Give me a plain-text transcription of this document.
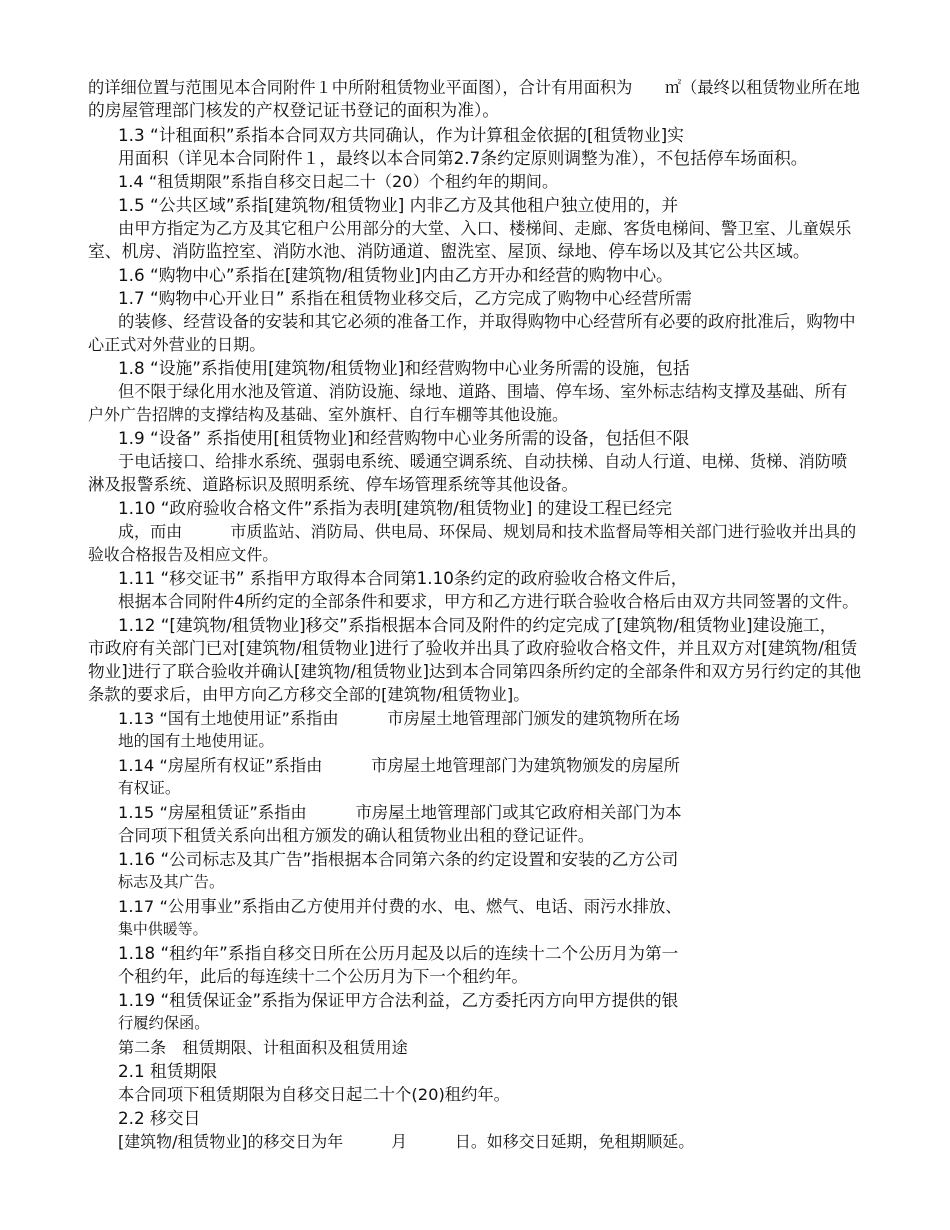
的详细位置与范围见本合同附件１中所附租赁物业平面图），合计有用面积为　　㎡（最终以租赁物业所在地
的房屋管理部门核发的产权登记证书登记的面积为准）。
1.3 “计租面积”系指本合同双方共同确认，作为计算租金依据的[租赁物业]实
用面积（详见本合同附件１，最终以本合同第2.7条约定原则调整为准），不包括停车场面积。
1.4 “租赁期限”系指自移交日起二十（20）个租约年的期间。
1.5 “公共区域”系指[建筑物/租赁物业] 内非乙方及其他租户独立使用的，并
由甲方指定为乙方及其它租户公用部分的大堂、入口、楼梯间、走廊、客货电梯间、警卫室、儿童娱乐
室、机房、消防监控室、消防水池、消防通道、盥洗室、屋顶、绿地、停车场以及其它公共区域。
1.6 “购物中心”系指在[建筑物/租赁物业]内由乙方开办和经营的购物中心。
1.7 “购物中心开业日” 系指在租赁物业移交后，乙方完成了购物中心经营所需
的装修、经营设备的安装和其它必须的准备工作，并取得购物中心经营所有必要的政府批准后，购物中
心正式对外营业的日期。
1.8 “设施”系指使用[建筑物/租赁物业]和经营购物中心业务所需的设施，包括
但不限于绿化用水池及管道、消防设施、绿地、道路、围墙、停车场、室外标志结构支撑及基础、所有
户外广告招牌的支撑结构及基础、室外旗杆、自行车棚等其他设施。
1.9 “设备” 系指使用[租赁物业]和经营购物中心业务所需的设备，包括但不限
于电话接口、给排水系统、强弱电系统、暖通空调系统、自动扶梯、自动人行道、电梯、货梯、消防喷
淋及报警系统、道路标识及照明系统、停车场管理系统等其他设备。
1.10 “政府验收合格文件”系指为表明[建筑物/租赁物业] 的建设工程已经完
成，而由　　　市质监站、消防局、供电局、环保局、规划局和技术监督局等相关部门进行验收并出具的
验收合格报告及相应文件。
1.11 “移交证书” 系指甲方取得本合同第1.10条约定的政府验收合格文件后，
根据本合同附件4所约定的全部条件和要求，甲方和乙方进行联合验收合格后由双方共同签署的文件。
1.12 “[建筑物/租赁物业]移交”系指根据本合同及附件的约定完成了[建筑物/租赁物业]建设施工，
市政府有关部门已对[建筑物/租赁物业]进行了验收并出具了政府验收合格文件，并且双方对[建筑物/租赁
物业]进行了联合验收并确认[建筑物/租赁物业]达到本合同第四条所约定的全部条件和双方另行约定的其他
条款的要求后，由甲方向乙方移交全部的[建筑物/租赁物业]。
1.13 “国有土地使用证”系指由　　　市房屋土地管理部门颁发的建筑物所在场
地的国有土地使用证。
1.14 “房屋所有权证”系指由　　　市房屋土地管理部门为建筑物颁发的房屋所
有权证。
1.15 “房屋租赁证”系指由　　　市房屋土地管理部门或其它政府相关部门为本
合同项下租赁关系向出租方颁发的确认租赁物业出租的登记证件。
1.16 “公司标志及其广告”指根据本合同第六条的约定设置和安装的乙方公司
标志及其广告。
1.17 “公用事业”系指由乙方使用并付费的水、电、燃气、电话、雨污水排放、
集中供暖等。
1.18 “租约年”系指自移交日所在公历月起及以后的连续十二个公历月为第一
个租约年，此后的每连续十二个公历月为下一个租约年。
1.19 “租赁保证金”系指为保证甲方合法利益，乙方委托丙方向甲方提供的银
行履约保函。
第二条　租赁期限、计租面积及租赁用途
2.1 租赁期限
本合同项下租赁期限为自移交日起二十个(20)租约年。
2.2 移交日
[建筑物/租赁物业]的移交日为年　　　月　　　日。如移交日延期，免租期顺延。
